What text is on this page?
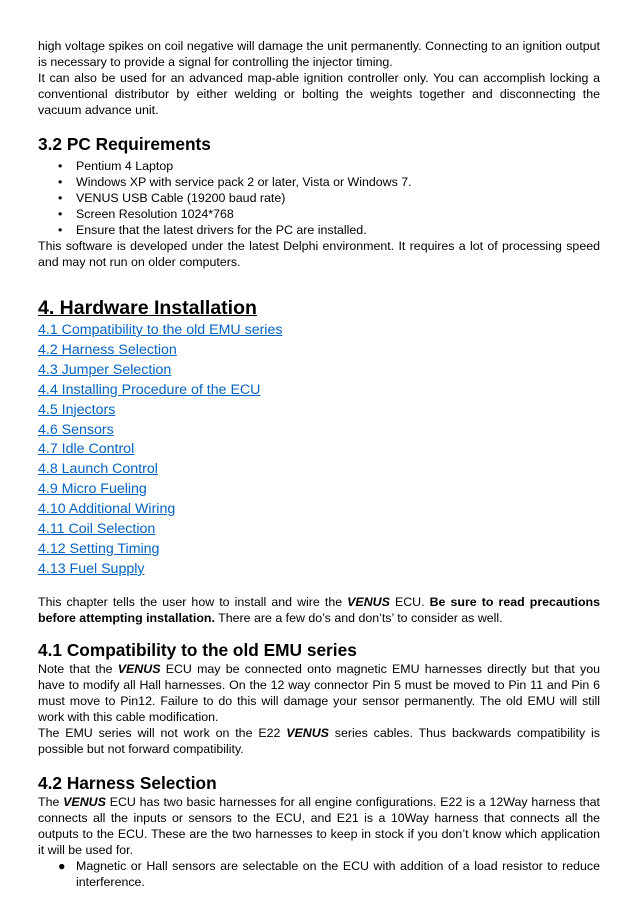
high voltage spikes on coil negative will damage the unit permanently. Connecting to an ignition output is necessary to provide a signal for controlling the injector timing.

It can also be used for an advanced map-able ignition controller only. You can accomplish locking a conventional distributor by either welding or bolting the weights together and disconnecting the vacuum advance unit.

3.2 PC Requirements
• Pentium 4 Laptop
• Windows XP with service pack 2 or later, Vista or Windows 7.
• VENUS USB Cable (19200 baud rate)
• Screen Resolution 1024*768
• Ensure that the latest drivers for the PC are installed.

This software is developed under the latest Delphi environment. It requires a lot of processing speed and may not run on older computers.

4. Hardware Installation
4.1 Compatibility to the old EMU series
4.2 Harness Selection
4.3 Jumper Selection
4.4 Installing Procedure of the ECU
4.5 Injectors
4.6 Sensors
4.7 Idle Control
4.8 Launch Control
4.9 Micro Fueling
4.10 Additional Wiring
4.11 Coil Selection
4.12 Setting Timing
4.13 Fuel Supply

This chapter tells the user how to install and wire the VENUS ECU. Be sure to read precautions before attempting installation. There are a few do’s and don’ts’ to consider as well.

4.1 Compatibility to the old EMU series

Note that the VENUS ECU may be connected onto magnetic EMU harnesses directly but that you have to modify all Hall harnesses. On the 12 way connector Pin 5 must be moved to Pin 11 and Pin 6 must move to Pin12. Failure to do this will damage your sensor permanently. The old EMU will still work with this cable modification.

The EMU series will not work on the E22 VENUS series cables. Thus backwards compatibility is possible but not forward compatibility.

4.2 Harness Selection

The VENUS ECU has two basic harnesses for all engine configurations. E22 is a 12Way harness that connects all the inputs or sensors to the ECU, and E21 is a 10Way harness that connects all the outputs to the ECU. These are the two harnesses to keep in stock if you don’t know which application it will be used for.

● Magnetic or Hall sensors are selectable on the ECU with addition of a load resistor to reduce interference.
